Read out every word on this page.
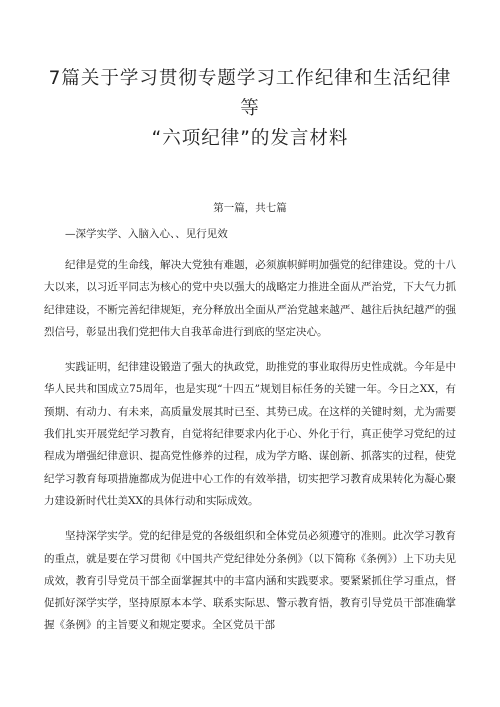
7篇关于学习贯彻专题学习工作纪律和生活纪律等
“六项纪律”的发言材料
第一篇，共七篇
—深学实学、入脑入心、、见行见效

纪律是党的生命线，解决大党独有难题，必须旗帜鲜明加强党的纪律建设。党的十八大以来，以习近平同志为核心的党中央以强大的战略定力推进全面从严治党，下大气力抓纪律建设，不断完善纪律规矩，充分释放出全面从严治党越来越严、越往后执纪越严的强烈信号，彰显出我们党把伟大自我革命进行到底的坚定决心。

实践证明，纪律建设锻造了强大的执政党，助推党的事业取得历史性成就。今年是中华人民共和国成立75周年，也是实现“十四五”规划目标任务的关键一年。今日之XX，有预期、有动力、有未来，高质量发展其时已至、其势已成。在这样的关键时刻，尤为需要我们扎实开展党纪学习教育，自觉将纪律要求内化于心、外化于行，真正使学习党纪的过程成为增强纪律意识、提高党性修养的过程，成为学方略、谋创新、抓落实的过程，使党纪学习教育每项措施都成为促进中心工作的有效举措，切实把学习教育成果转化为凝心聚力建设新时代壮美XX的具体行动和实际成效。

坚持深学实学。党的纪律是党的各级组织和全体党员必须遵守的准则。此次学习教育的重点，就是要在学习贯彻《中国共产党纪律处分条例》（以下简称《条例》）上下功夫见成效，教育引导党员干部全面掌握其中的丰富内涵和实践要求。要紧紧抓住学习重点，督促抓好深学实学，坚持原原本本学、联系实际思、警示教育悟，教育引导党员干部准确掌握《条例》的主旨要义和规定要求。全区党员干部
